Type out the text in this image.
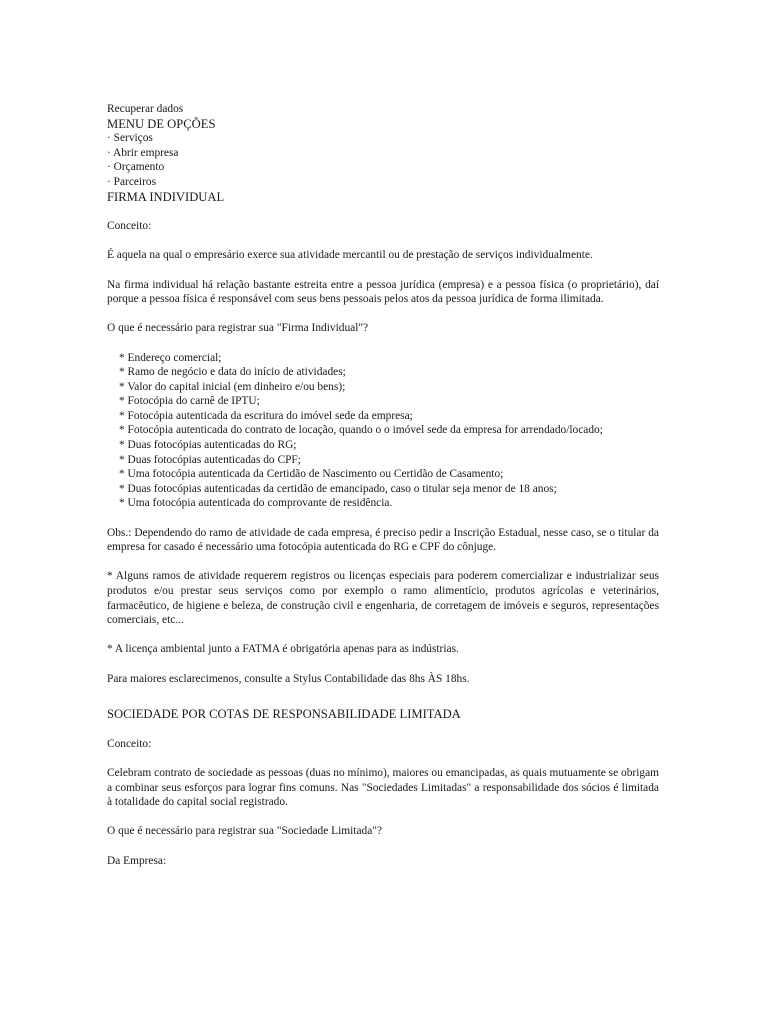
Recuperar dados
MENU DE OPÇÕES
· Serviços
· Abrir empresa
· Orçamento
· Parceiros
FIRMA INDIVIDUAL

Conceito:

É aquela na qual o empresário exerce sua atividade mercantil ou de prestação de serviços individualmente.

Na firma individual há relação bastante estreita entre a pessoa jurídica (empresa) e a pessoa física (o proprietário), daí porque a pessoa física é responsável com seus bens pessoais pelos atos da pessoa jurídica de forma ilimitada.

O que é necessário para registrar sua "Firma Individual"?

* Endereço comercial;
* Ramo de negócio e data do início de atividades;
* Valor do capital inicial (em dinheiro e/ou bens);
* Fotocópia do carnê de IPTU;
* Fotocópia autenticada da escritura do imóvel sede da empresa;
* Fotocópia autenticada do contrato de locação, quando o o imóvel sede da empresa for arrendado/locado;
* Duas fotocópias autenticadas do RG;
* Duas fotocópias autenticadas do CPF;
* Uma fotocópia autenticada da Certidão de Nascimento ou Certidão de Casamento;
* Duas fotocópias autenticadas da certidão de emancipado, caso o titular seja menor de 18 anos;
* Uma fotocópia autenticada do comprovante de residência.

Obs.: Dependendo do ramo de atividade de cada empresa, é preciso pedir a Inscrição Estadual, nesse caso, se o titular da empresa for casado é necessário uma fotocópia autenticada do RG e CPF do cônjuge.

* Alguns ramos de atividade requerem registros ou licenças especiais para poderem comercializar e industrializar seus produtos e/ou prestar seus serviços como por exemplo o ramo alimentício, produtos agrícolas e veterinários, farmacêutico, de higiene e beleza, de construção civil e engenharia, de corretagem de imóveis e seguros, representações comerciais, etc...

* A licença ambiental junto a FATMA é obrigatória apenas para as indústrias.

Para maiores esclarecimenos, consulte a Stylus Contabilidade das 8hs ÀS 18hs.

SOCIEDADE POR COTAS DE RESPONSABILIDADE LIMITADA

Conceito:

Celebram contrato de sociedade as pessoas (duas no mínimo), maiores ou emancipadas, as quais mutuamente se obrigam a combinar seus esforços para lograr fins comuns. Nas "Sociedades Limitadas" a responsabilidade dos sócios é limitada à totalidade do capital social registrado.

O que é necessário para registrar sua "Sociedade Limitada"?

Da Empresa:
